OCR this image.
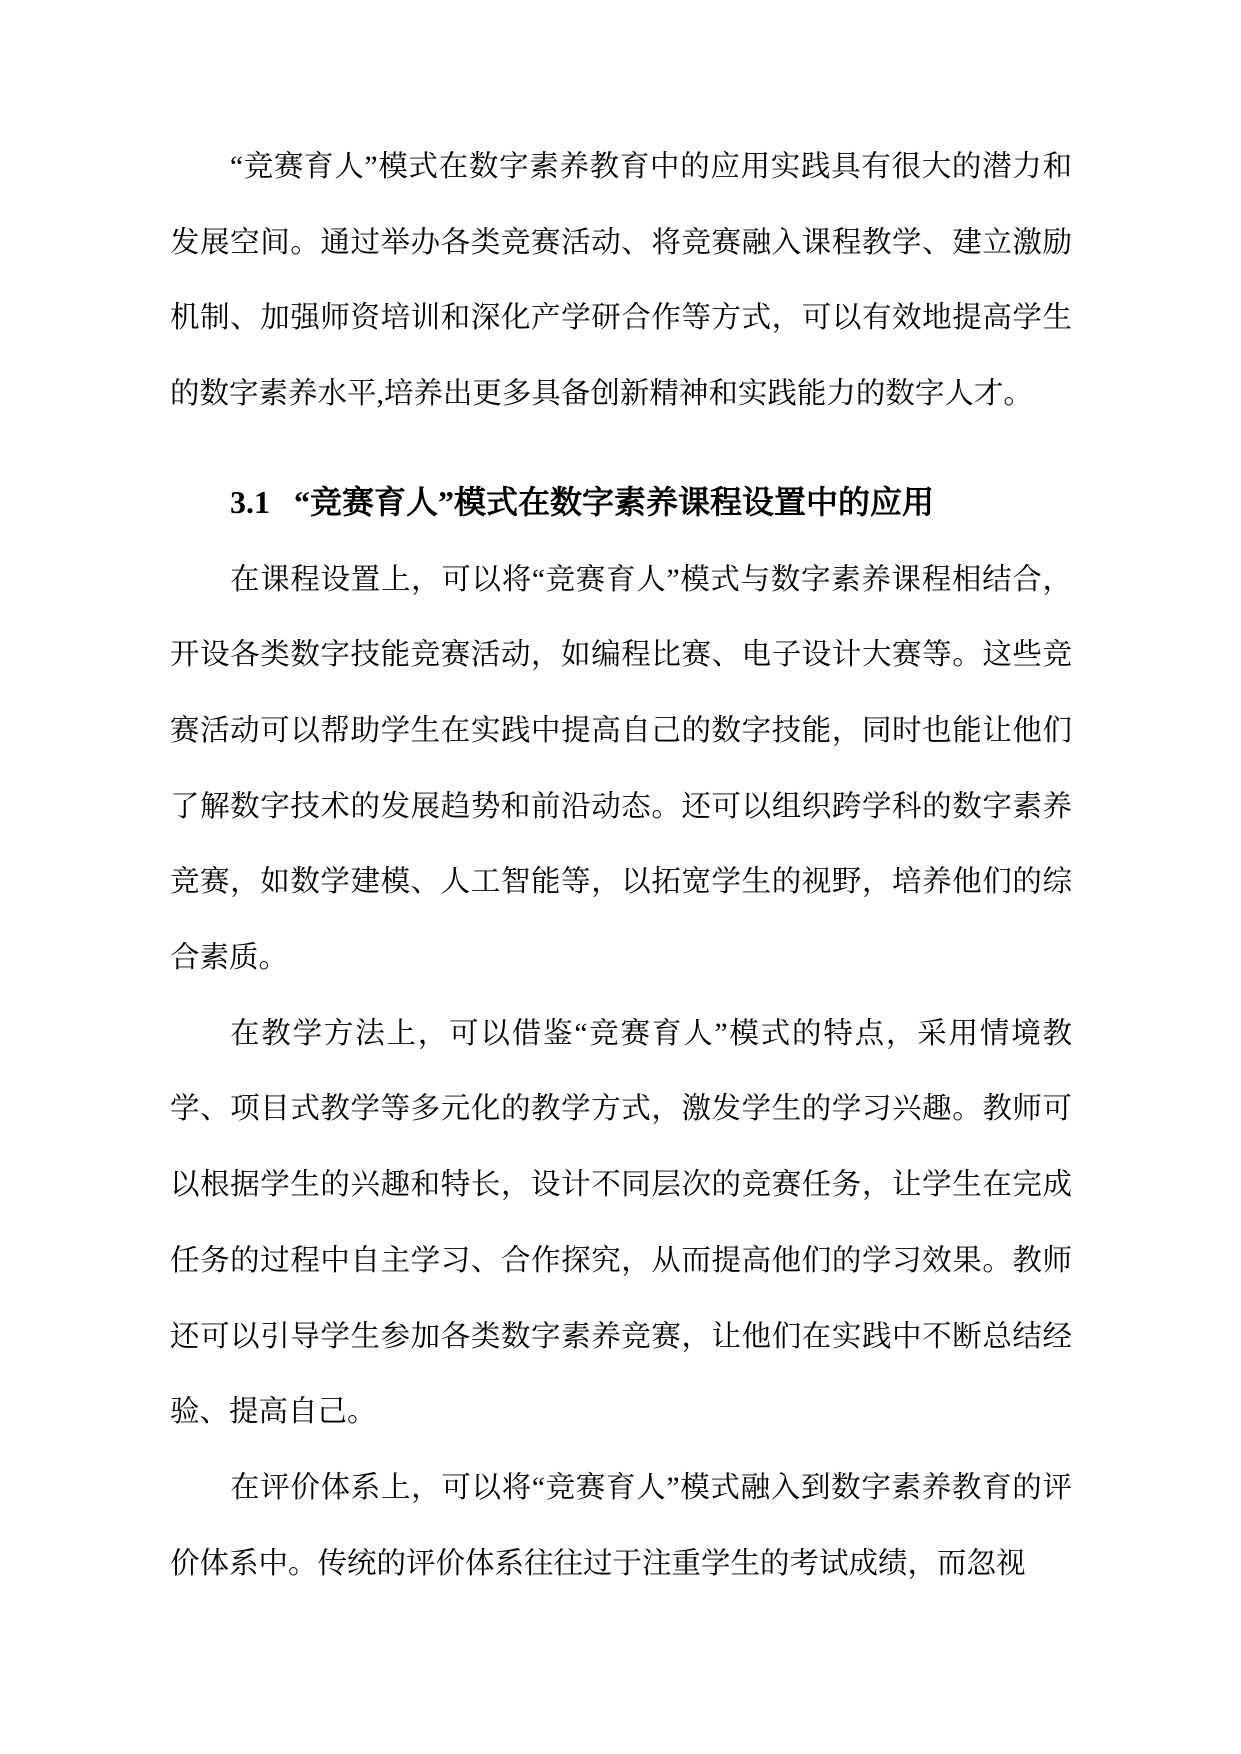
“竞赛育人”模式在数字素养教育中的应用实践具有很大的潜力和发展空间。通过举办各类竞赛活动、将竞赛融入课程教学、建立激励机制、加强师资培训和深化产学研合作等方式，可以有效地提高学生的数字素养水平,培养出更多具备创新精神和实践能力的数字人才。

3.1 “竞赛育人”模式在数字素养课程设置中的应用

在课程设置上，可以将“竞赛育人”模式与数字素养课程相结合，开设各类数字技能竞赛活动，如编程比赛、电子设计大赛等。这些竞赛活动可以帮助学生在实践中提高自己的数字技能，同时也能让他们了解数字技术的发展趋势和前沿动态。还可以组织跨学科的数字素养竞赛，如数学建模、人工智能等，以拓宽学生的视野，培养他们的综合素质。

在教学方法上，可以借鉴“竞赛育人”模式的特点，采用情境教学、项目式教学等多元化的教学方式，激发学生的学习兴趣。教师可以根据学生的兴趣和特长，设计不同层次的竞赛任务，让学生在完成任务的过程中自主学习、合作探究，从而提高他们的学习效果。教师还可以引导学生参加各类数字素养竞赛，让他们在实践中不断总结经验、提高自己。

在评价体系上，可以将“竞赛育人”模式融入到数字素养教育的评价体系中。传统的评价体系往往过于注重学生的考试成绩，而忽视
